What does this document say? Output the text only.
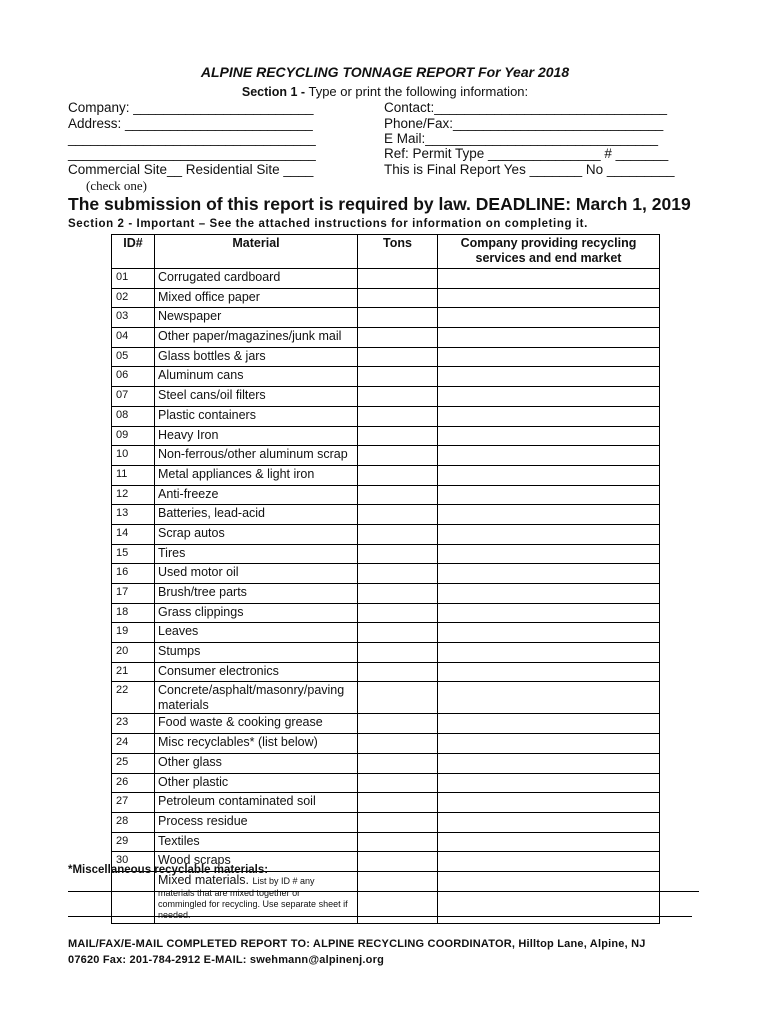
ALPINE RECYCLING TONNAGE REPORT For Year 2018
Section 1 - Type or print the following information:
Company: ________________________
Address: _________________________
_________________________________
_________________________________
Commercial Site__ Residential Site ____
(check one)
Contact:_______________________________
Phone/Fax:____________________________
E Mail:_______________________________
Ref: Permit Type _______________ # _______
This is Final Report Yes _______ No _________
The submission of this report is required by law. DEADLINE: March 1, 2019
Section 2 - Important – See the attached instructions for information on completing it.
ID#	Material	Tons	Company providing recycling services and end market
01	Corrugated cardboard		
02	Mixed office paper		
03	Newspaper		
04	Other paper/magazines/junk mail		
05	Glass bottles & jars		
06	Aluminum cans		
07	Steel cans/oil filters		
08	Plastic containers		
09	Heavy Iron		
10	Non-ferrous/other aluminum scrap		
11	Metal appliances & light iron		
12	Anti-freeze		
13	Batteries, lead-acid		
14	Scrap autos		
15	Tires		
16	Used motor oil		
17	Brush/tree parts		
18	Grass clippings		
19	Leaves		
20	Stumps		
21	Consumer electronics		
22	Concrete/asphalt/masonry/paving materials		
23	Food waste & cooking grease		
24	Misc recyclables* (list below)		
25	Other glass		
26	Other plastic		
27	Petroleum contaminated soil		
28	Process residue		
29	Textiles		
30	Wood scraps		
	Mixed materials. List by ID # any
materials that are mixed together or commingled for recycling. Use separate sheet if needed.		

*Miscellaneous recyclable materials:
MAIL/FAX/E-MAIL COMPLETED REPORT TO: ALPINE RECYCLING COORDINATOR, Hilltop Lane, Alpine, NJ
07620 Fax: 201-784-2912 E-MAIL: swehmann@alpinenj.org
